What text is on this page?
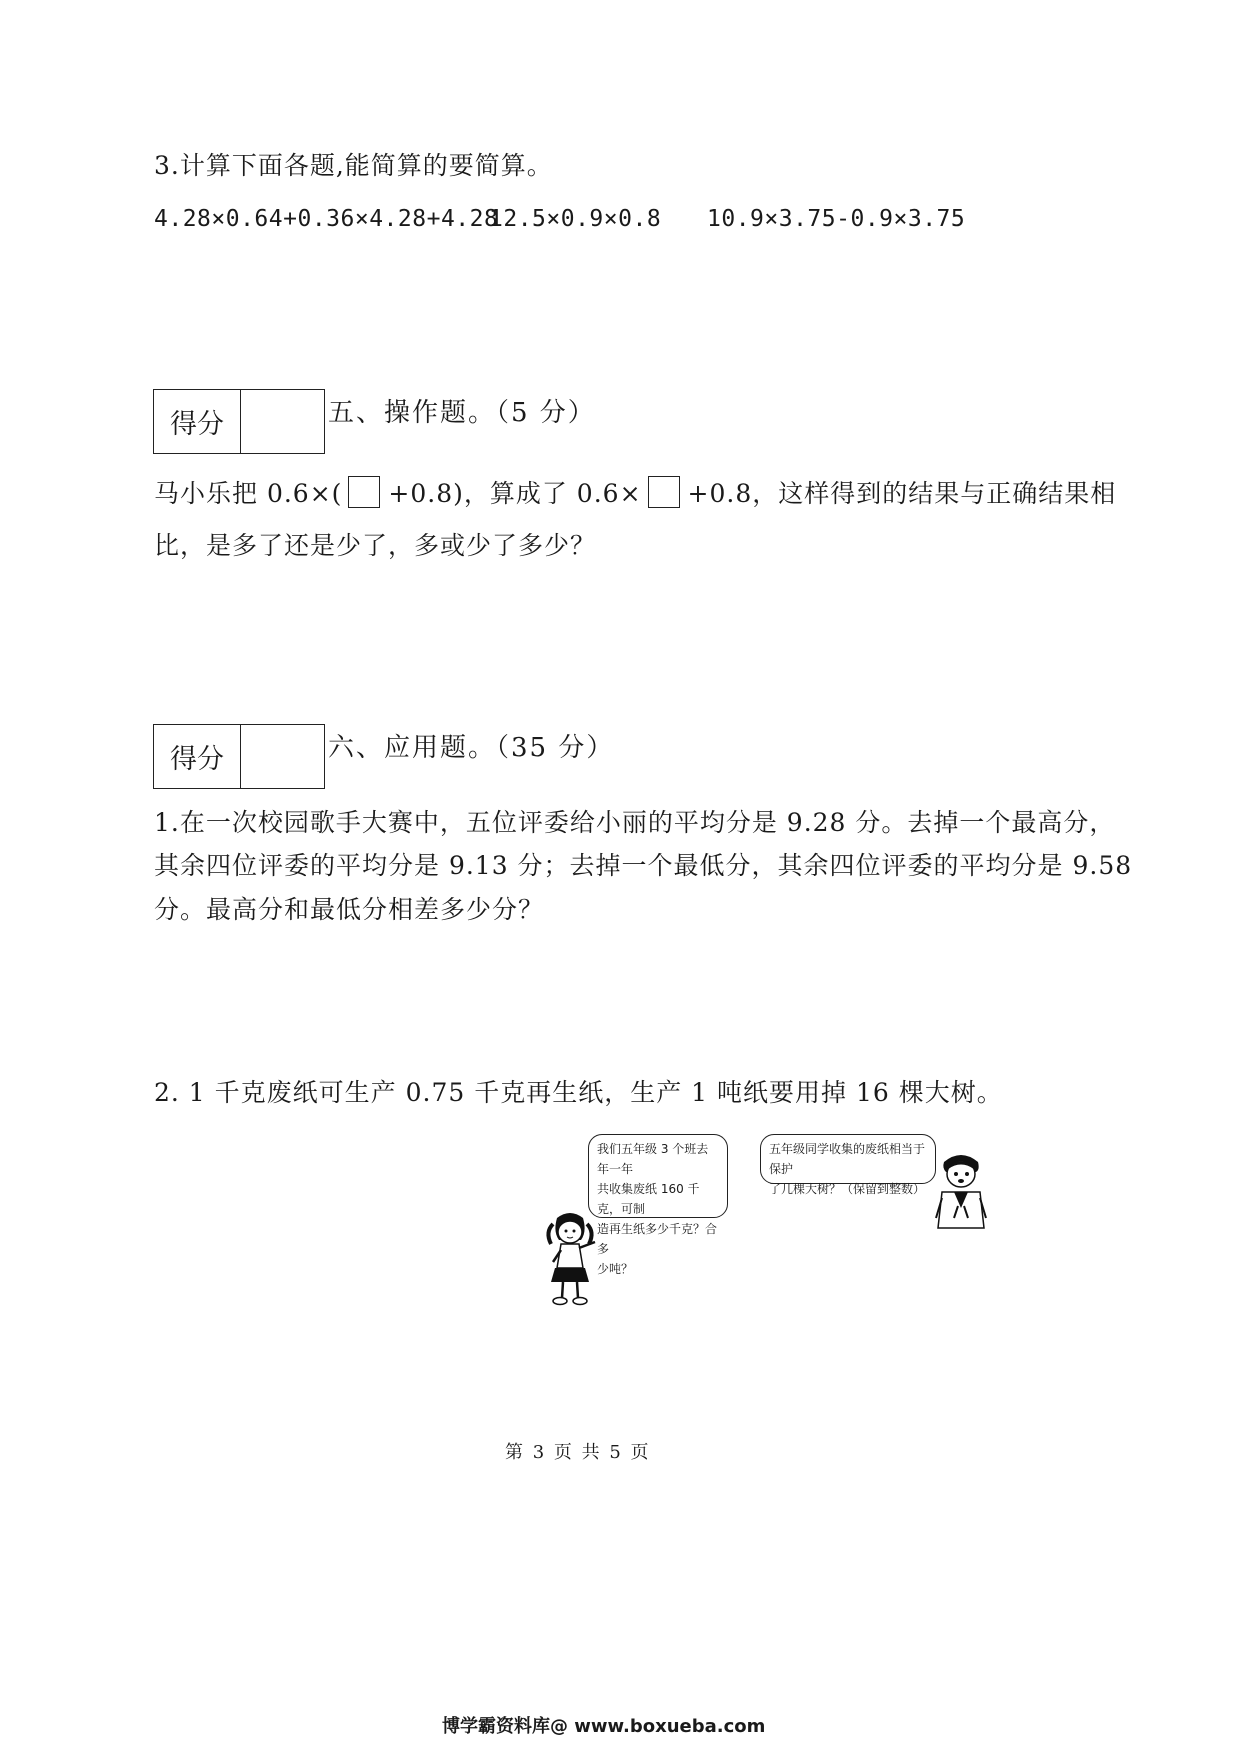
3.计算下面各题,能简算的要简算。
4.28×0.64+0.36×4.28+4.28
12.5×0.9×0.8 10.9×3.75-0.9×3.75
得分	五、操作题。（5 分）
马小乐把 0.6×( +0.8)，算成了 0.6× +0.8，这样得到的结果与正确结果相
比，是多了还是少了，多或少了多少？
得分	六、应用题。（35 分）
1.在一次校园歌手大赛中，五位评委给小丽的平均分是 9.28 分。去掉一个最高分，
其余四位评委的平均分是 9.13 分；去掉一个最低分，其余四位评委的平均分是 9.58
分。最高分和最低分相差多少分？
2. 1 千克废纸可生产 0.75 千克再生纸，生产 1 吨纸要用掉 16 棵大树。
我们五年级 3 个班去年一年
共收集废纸 160 千克，可制
造再生纸多少千克？合多
少吨？
五年级同学收集的废纸相当于保护
了几棵大树？（保留到整数）
第 3 页 共 5 页
博学霸资料库@ www.boxueba.com
